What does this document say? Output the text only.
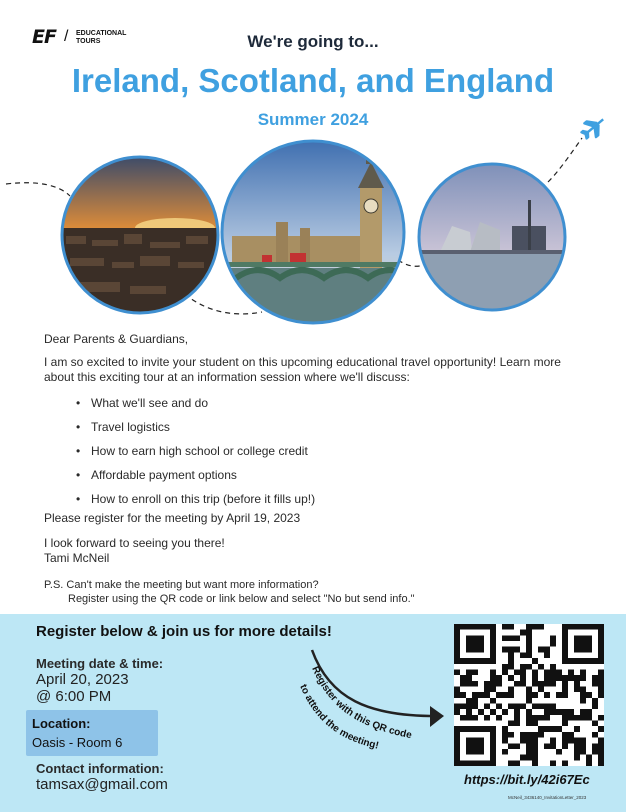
EF / EDUCATIONAL
TOURS	We're going to...
Ireland, Scotland, and England
Summer 2024

Dear Parents & Guardians,

I am so excited to invite your student on this upcoming educational travel opportunity! Learn more about this exciting tour at an information session where we'll discuss:

• What we'll see and do
• Travel logistics
• How to earn high school or college credit
• Affordable payment options
• How to enroll on this trip (before it fills up!)

Please register for the meeting by April 19, 2023

I look forward to seeing you there!

Tami McNeil

P.S. Can't make the meeting but want more information?

Register using the QR code or link below and select "No but send info."

Register below & join us for more details!
Meeting date & time:
April 20, 2023
@ 6:00 PM
Location:
Oasis - Room 6
Contact information:
tamsax@gmail.com
Register with this QR code
to attend the meeting!
https://bit.ly/42i67Ec
McNeil_3436140_InvitationLetter_2023
